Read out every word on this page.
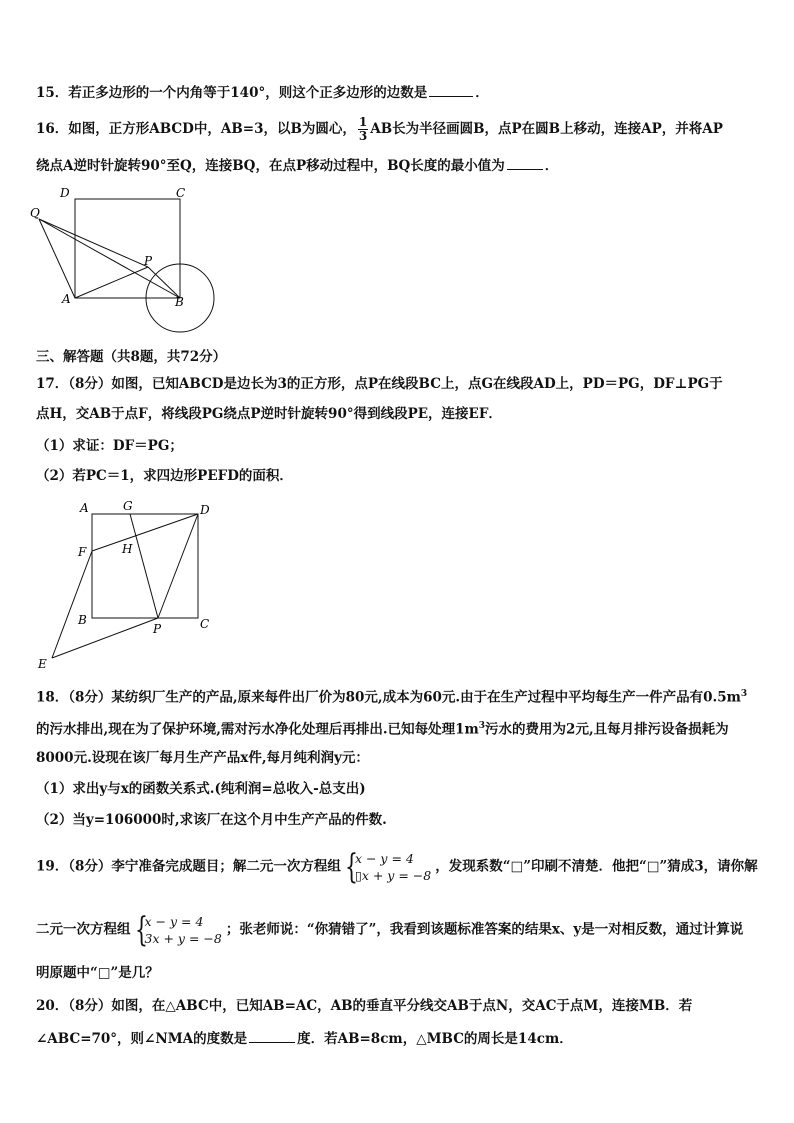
15．若正多边形的一个内角等于140°，则这个正多边形的边数是	．
16．如图，正方形ABCD中，AB=3，以B为圆心， $\frac{1}{3}$ AB长为半径画圆B，点P在圆B上移动，连接AP，并将AP
绕点A逆时针旋转90°至Q，连接BQ，在点P移动过程中，BQ长度的最小值为	．
D	C
Q
P
A	B
三、解答题（共8题，共72分）
17．（8分）如图，已知ABCD是边长为3的正方形，点P在线段BC上，点G在线段AD上，PD＝PG，DF⊥PG于
点H，交AB于点F，将线段PG绕点P逆时针旋转90°得到线段PE，连接EF．
（1）求证：DF＝PG；
（2）若PC＝1，求四边形PEFD的面积．
A	G	D
F	H
B
P	C
E
18．（8分）某纺织厂生产的产品,原来每件出厂价为80元,成本为60元.由于在生产过程中平均每生产一件产品有$0.5m^3$
的污水排出,现在为了保护环境,需对污水净化处理后再排出.已知每处理$1m^3$污水的费用为2元,且每月排污设备损耗为
8000元.设现在该厂每月生产产品x件,每月纯利润y元：
（1）求出y与x的函数关系式.(纯利润=总收入-总支出)
（2）当y=106000时,求该厂在这个月中生产产品的件数.
19．（8分）李宁准备完成题目；解二元一次方程组 {
x − y = 4
▯x + y = −8
，发现系数“□”印刷不清楚．他把“□”猜成3，请你解
二元一次方程组 {
x − y = 4
3x + y = −8
；张老师说：“你猜错了”，我看到该题标准答案的结果x、y是一对相反数，通过计算说
明原题中“□”是几？
20．（8分）如图，在△ABC中，已知AB=AC，AB的垂直平分线交AB于点N，交AC于点M，连接MB．若
∠ABC=70°，则∠NMA的度数是	度．若AB=8cm，△MBC的周长是14cm．
